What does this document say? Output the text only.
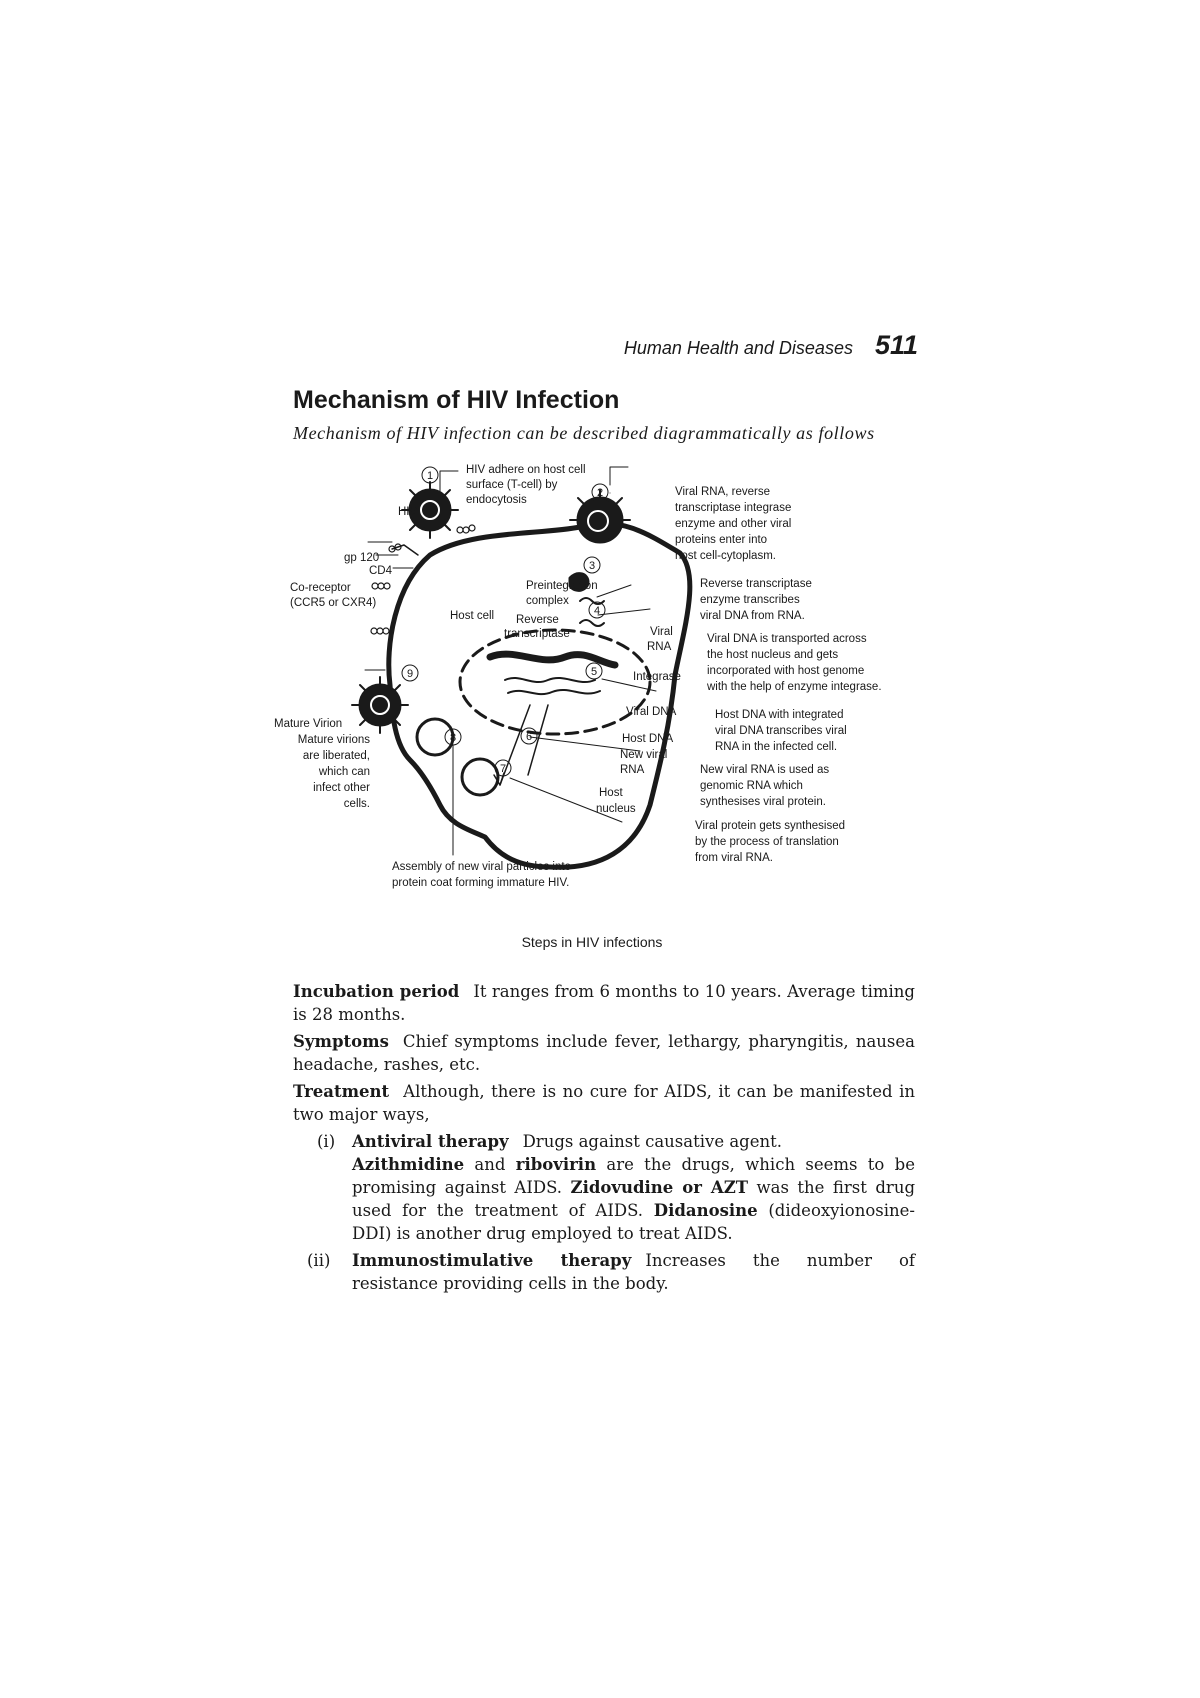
Human Health and Diseases 511
Mechanism of HIV Infection

Mechanism of HIV infection can be described diagrammatically as follows

1
2
3
4
5
6
7
8
9
HIV
gp 120
CD4
Co-receptor
(CCR5 or CXR4)
Host cell
Preintegration
complex
Reverse
transcriptase	Viral
RNA
Integrase
Viral DNA
Host DNA
New viral
RNA
Host
nucleus
Mature Virion
HIV adhere on host cell
surface (T-cell) by
endocytosis
Viral RNA, reverse
transcriptase integrase
enzyme and other viral
proteins enter into
host cell-cytoplasm.
Reverse transcriptase
enzyme transcribes
viral DNA from RNA.
Viral DNA is transported across
the host nucleus and gets
incorporated with host genome
with the help of enzyme integrase.
Host DNA with integrated
viral DNA transcribes viral
RNA in the infected cell.
New viral RNA is used as
genomic RNA which
synthesises viral protein.
Viral protein gets synthesised
by the process of translation
from viral RNA.
Assembly of new viral particles into
protein coat forming immature HIV.
Mature virions
are liberated,
which can
infect other
cells.
Steps in HIV infections

Incubation period It ranges from 6 months to 10 years. Average timing is 28 months.

Symptoms Chief symptoms include fever, lethargy, pharyngitis, nausea headache, rashes, etc.

Treatment Although, there is no cure for AIDS, it can be manifested in two major ways,

(i) Antiviral therapy Drugs against causative agent.
Azithmidine and ribovirin are the drugs, which seems to be promising against AIDS. Zidovudine or AZT was the first drug used for the treatment of AIDS. Didanosine (dideoxyionosine-DDI) is another drug employed to treat AIDS.
(ii) Immunostimulative therapy Increases the number of resistance providing cells in the body.
